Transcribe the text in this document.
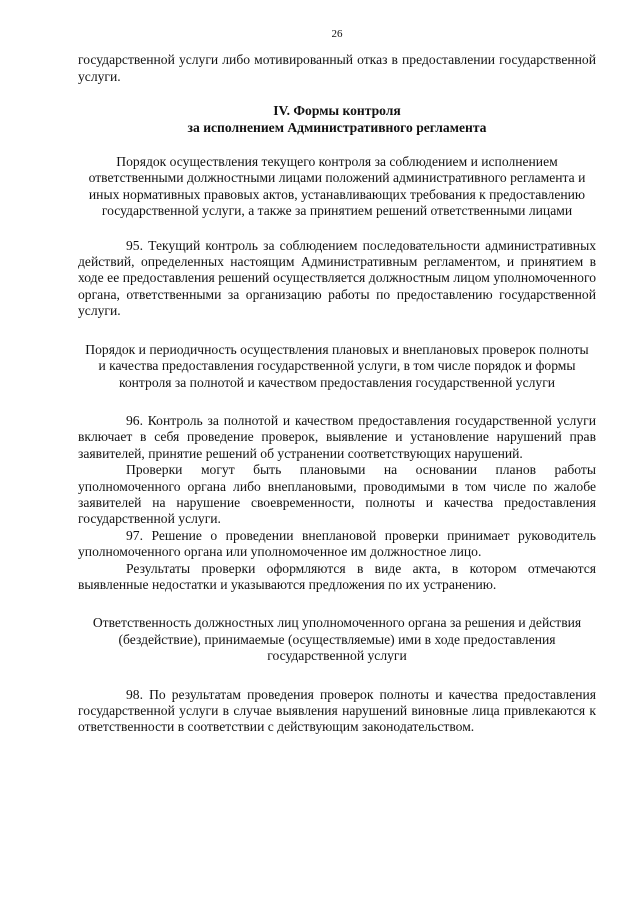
26

государственной услуги либо мотивированный отказ в предоставлении государственной услуги.

IV. Формы контроля

за исполнением Административного регламента

Порядок осуществления текущего контроля за соблюдением и исполнением ответственными должностными лицами положений административного регламента и иных нормативных правовых актов, устанавливающих требования к предоставлению государственной услуги, а также за принятием решений ответственными лицами

95. Текущий контроль за соблюдением последовательности административных действий, определенных настоящим Административным регламентом, и принятием в ходе ее предоставления решений осуществляется должностным лицом уполномоченного органа, ответственными за организацию работы по предоставлению государственной услуги.

Порядок и периодичность осуществления плановых и внеплановых проверок полноты и качества предоставления государственной услуги, в том числе порядок и формы контроля за полнотой и качеством предоставления государственной услуги

96. Контроль за полнотой и качеством предоставления государственной услуги включает в себя проведение проверок, выявление и установление нарушений прав заявителей, принятие решений об устранении соответствующих нарушений.

Проверки могут быть плановыми на основании планов работы уполномоченного органа либо внеплановыми, проводимыми в том числе по жалобе заявителей на нарушение своевременности, полноты и качества предоставления государственной услуги.

97. Решение о проведении внеплановой проверки принимает руководитель уполномоченного органа или уполномоченное им должностное лицо.

Результаты проверки оформляются в виде акта, в котором отмечаются выявленные недостатки и указываются предложения по их устранению.

Ответственность должностных лиц уполномоченного органа за решения и действия (бездействие), принимаемые (осуществляемые) ими в ходе предоставления государственной услуги

98. По результатам проведения проверок полноты и качества предоставления государственной услуги в случае выявления нарушений виновные лица привлекаются к ответственности в соответствии с действующим законодательством.
